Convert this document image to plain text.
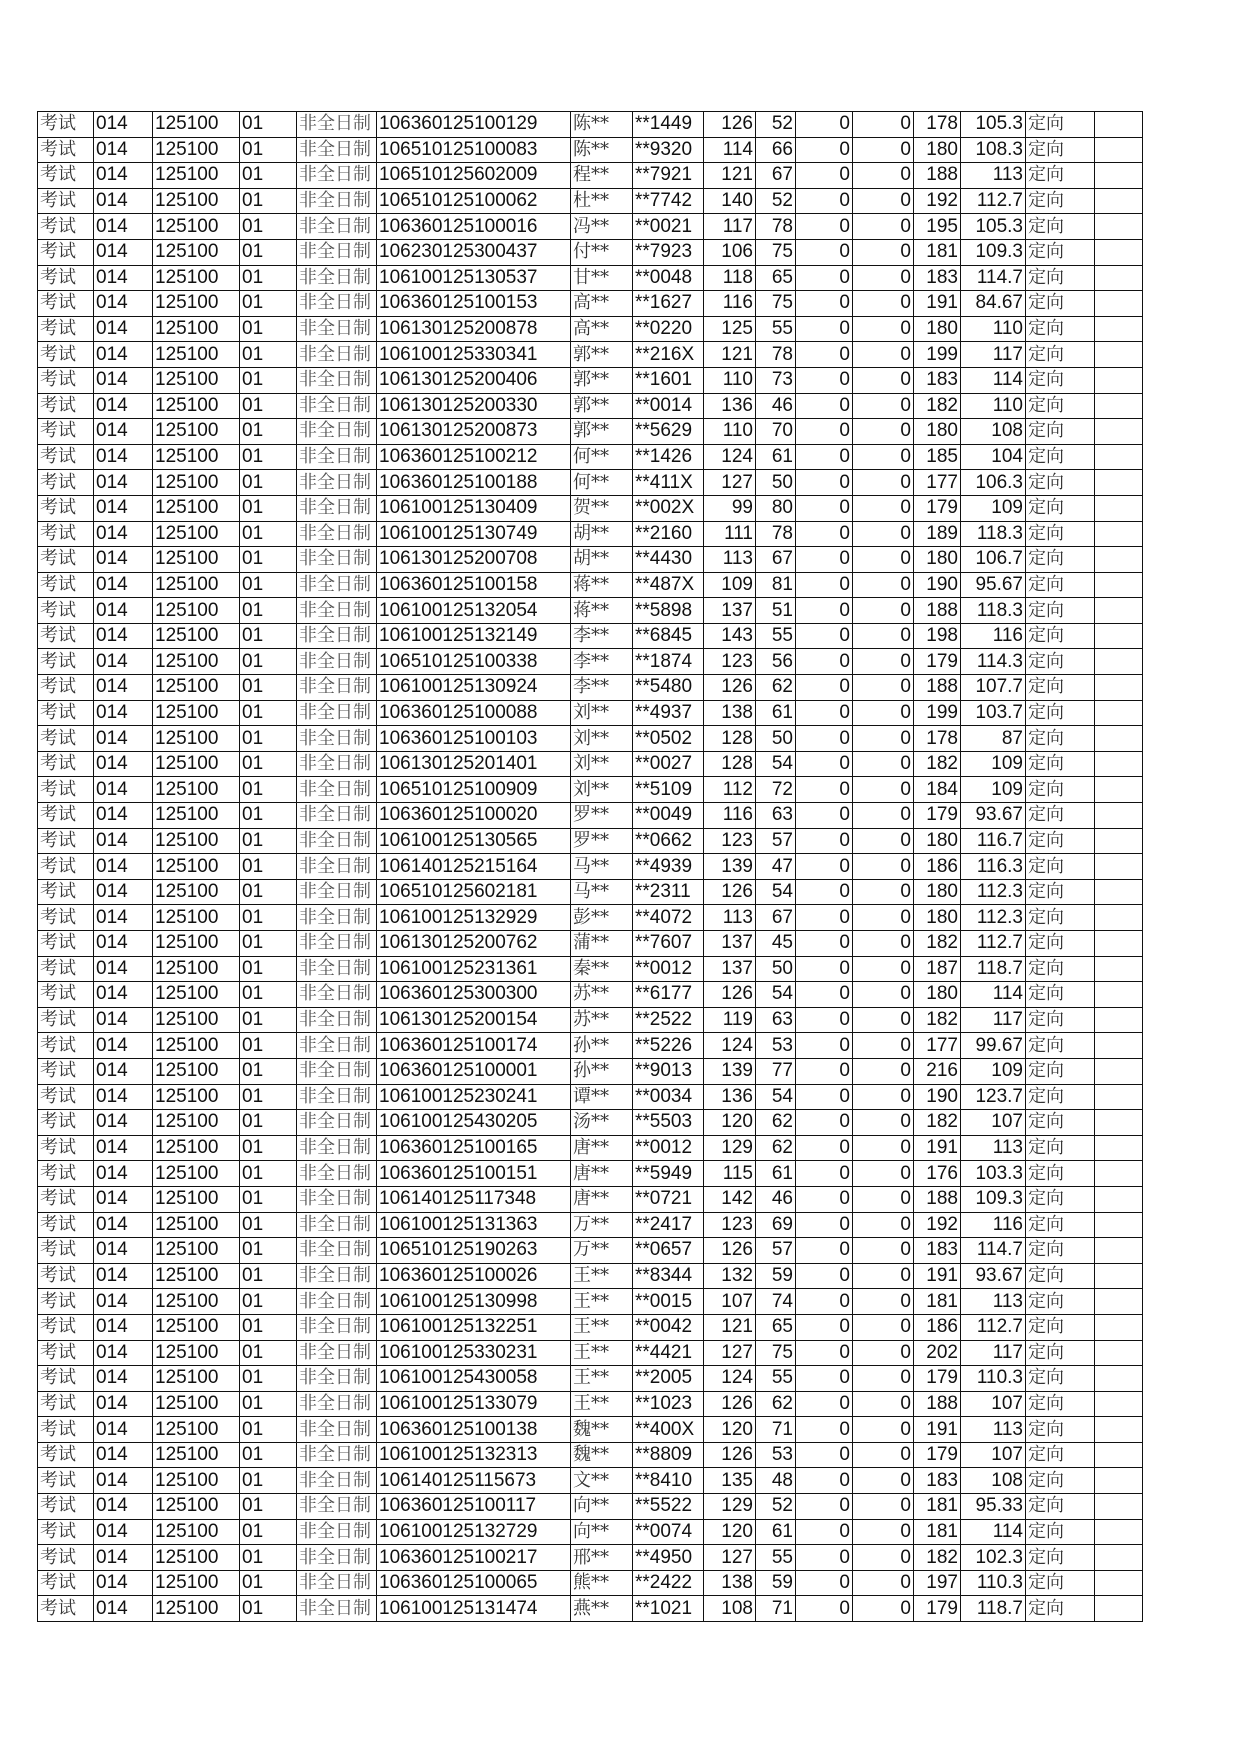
考试	014	125100	01	非全日制	106360125100129	陈**	**1449	126	52	0	0	178	105.3	定向	
考试	014	125100	01	非全日制	106510125100083	陈**	**9320	114	66	0	0	180	108.3	定向	
考试	014	125100	01	非全日制	106510125602009	程**	**7921	121	67	0	0	188	113	定向	
考试	014	125100	01	非全日制	106510125100062	杜**	**7742	140	52	0	0	192	112.7	定向	
考试	014	125100	01	非全日制	106360125100016	冯**	**0021	117	78	0	0	195	105.3	定向	
考试	014	125100	01	非全日制	106230125300437	付**	**7923	106	75	0	0	181	109.3	定向	
考试	014	125100	01	非全日制	106100125130537	甘**	**0048	118	65	0	0	183	114.7	定向	
考试	014	125100	01	非全日制	106360125100153	高**	**1627	116	75	0	0	191	84.67	定向	
考试	014	125100	01	非全日制	106130125200878	高**	**0220	125	55	0	0	180	110	定向	
考试	014	125100	01	非全日制	106100125330341	郭**	**216X	121	78	0	0	199	117	定向	
考试	014	125100	01	非全日制	106130125200406	郭**	**1601	110	73	0	0	183	114	定向	
考试	014	125100	01	非全日制	106130125200330	郭**	**0014	136	46	0	0	182	110	定向	
考试	014	125100	01	非全日制	106130125200873	郭**	**5629	110	70	0	0	180	108	定向	
考试	014	125100	01	非全日制	106360125100212	何**	**1426	124	61	0	0	185	104	定向	
考试	014	125100	01	非全日制	106360125100188	何**	**411X	127	50	0	0	177	106.3	定向	
考试	014	125100	01	非全日制	106100125130409	贺**	**002X	99	80	0	0	179	109	定向	
考试	014	125100	01	非全日制	106100125130749	胡**	**2160	111	78	0	0	189	118.3	定向	
考试	014	125100	01	非全日制	106130125200708	胡**	**4430	113	67	0	0	180	106.7	定向	
考试	014	125100	01	非全日制	106360125100158	蒋**	**487X	109	81	0	0	190	95.67	定向	
考试	014	125100	01	非全日制	106100125132054	蒋**	**5898	137	51	0	0	188	118.3	定向	
考试	014	125100	01	非全日制	106100125132149	李**	**6845	143	55	0	0	198	116	定向	
考试	014	125100	01	非全日制	106510125100338	李**	**1874	123	56	0	0	179	114.3	定向	
考试	014	125100	01	非全日制	106100125130924	李**	**5480	126	62	0	0	188	107.7	定向	
考试	014	125100	01	非全日制	106360125100088	刘**	**4937	138	61	0	0	199	103.7	定向	
考试	014	125100	01	非全日制	106360125100103	刘**	**0502	128	50	0	0	178	87	定向	
考试	014	125100	01	非全日制	106130125201401	刘**	**0027	128	54	0	0	182	109	定向	
考试	014	125100	01	非全日制	106510125100909	刘**	**5109	112	72	0	0	184	109	定向	
考试	014	125100	01	非全日制	106360125100020	罗**	**0049	116	63	0	0	179	93.67	定向	
考试	014	125100	01	非全日制	106100125130565	罗**	**0662	123	57	0	0	180	116.7	定向	
考试	014	125100	01	非全日制	106140125215164	马**	**4939	139	47	0	0	186	116.3	定向	
考试	014	125100	01	非全日制	106510125602181	马**	**2311	126	54	0	0	180	112.3	定向	
考试	014	125100	01	非全日制	106100125132929	彭**	**4072	113	67	0	0	180	112.3	定向	
考试	014	125100	01	非全日制	106130125200762	蒲**	**7607	137	45	0	0	182	112.7	定向	
考试	014	125100	01	非全日制	106100125231361	秦**	**0012	137	50	0	0	187	118.7	定向	
考试	014	125100	01	非全日制	106360125300300	苏**	**6177	126	54	0	0	180	114	定向	
考试	014	125100	01	非全日制	106130125200154	苏**	**2522	119	63	0	0	182	117	定向	
考试	014	125100	01	非全日制	106360125100174	孙**	**5226	124	53	0	0	177	99.67	定向	
考试	014	125100	01	非全日制	106360125100001	孙**	**9013	139	77	0	0	216	109	定向	
考试	014	125100	01	非全日制	106100125230241	谭**	**0034	136	54	0	0	190	123.7	定向	
考试	014	125100	01	非全日制	106100125430205	汤**	**5503	120	62	0	0	182	107	定向	
考试	014	125100	01	非全日制	106360125100165	唐**	**0012	129	62	0	0	191	113	定向	
考试	014	125100	01	非全日制	106360125100151	唐**	**5949	115	61	0	0	176	103.3	定向	
考试	014	125100	01	非全日制	106140125117348	唐**	**0721	142	46	0	0	188	109.3	定向	
考试	014	125100	01	非全日制	106100125131363	万**	**2417	123	69	0	0	192	116	定向	
考试	014	125100	01	非全日制	106510125190263	万**	**0657	126	57	0	0	183	114.7	定向	
考试	014	125100	01	非全日制	106360125100026	王**	**8344	132	59	0	0	191	93.67	定向	
考试	014	125100	01	非全日制	106100125130998	王**	**0015	107	74	0	0	181	113	定向	
考试	014	125100	01	非全日制	106100125132251	王**	**0042	121	65	0	0	186	112.7	定向	
考试	014	125100	01	非全日制	106100125330231	王**	**4421	127	75	0	0	202	117	定向	
考试	014	125100	01	非全日制	106100125430058	王**	**2005	124	55	0	0	179	110.3	定向	
考试	014	125100	01	非全日制	106100125133079	王**	**1023	126	62	0	0	188	107	定向	
考试	014	125100	01	非全日制	106360125100138	魏**	**400X	120	71	0	0	191	113	定向	
考试	014	125100	01	非全日制	106100125132313	魏**	**8809	126	53	0	0	179	107	定向	
考试	014	125100	01	非全日制	106140125115673	文**	**8410	135	48	0	0	183	108	定向	
考试	014	125100	01	非全日制	106360125100117	向**	**5522	129	52	0	0	181	95.33	定向	
考试	014	125100	01	非全日制	106100125132729	向**	**0074	120	61	0	0	181	114	定向	
考试	014	125100	01	非全日制	106360125100217	邢**	**4950	127	55	0	0	182	102.3	定向	
考试	014	125100	01	非全日制	106360125100065	熊**	**2422	138	59	0	0	197	110.3	定向	
考试	014	125100	01	非全日制	106100125131474	燕**	**1021	108	71	0	0	179	118.7	定向	
